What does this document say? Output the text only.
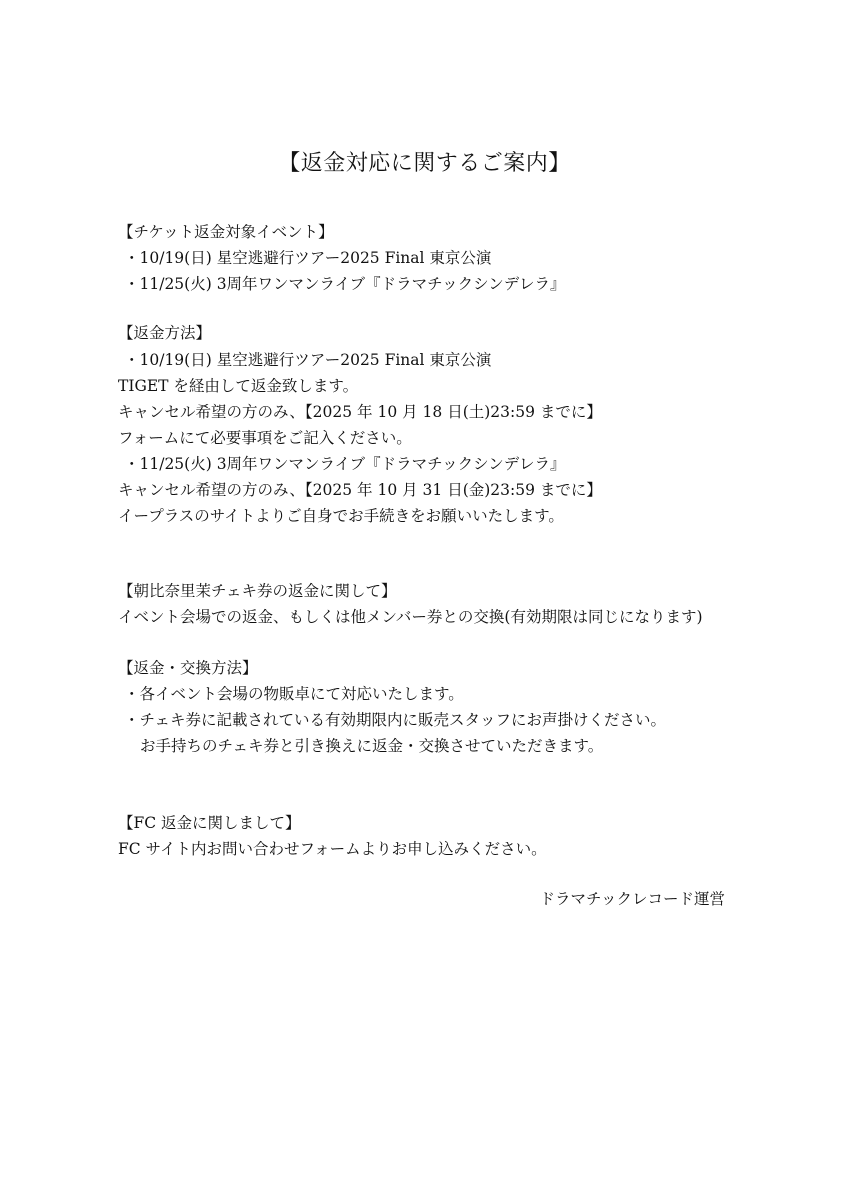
【返金対応に関するご案内】
【チケット返金対象イベント】
・10/19(日) 星空逃避行ツアー2025 Final 東京公演
・11/25(火) 3周年ワンマンライブ『ドラマチックシンデレラ』
【返金方法】
・10/19(日) 星空逃避行ツアー2025 Final 東京公演
TIGET を経由して返金致します。
キャンセル希望の方のみ、【2025 年 10 月 18 日(土)23:59 までに】
フォームにて必要事項をご記入ください。
・11/25(火) 3周年ワンマンライブ『ドラマチックシンデレラ』
キャンセル希望の方のみ、【2025 年 10 月 31 日(金)23:59 までに】
イープラスのサイトよりご自身でお手続きをお願いいたします。
【朝比奈里茉チェキ券の返金に関して】
イベント会場での返金、もしくは他メンバー券との交換(有効期限は同じになります)
【返金・交換方法】
・各イベント会場の物販卓にて対応いたします。
・チェキ券に記載されている有効期限内に販売スタッフにお声掛けください。
お手持ちのチェキ券と引き換えに返金・交換させていただきます。
【FC 返金に関しまして】
FC サイト内お問い合わせフォームよりお申し込みください。
ドラマチックレコード運営
